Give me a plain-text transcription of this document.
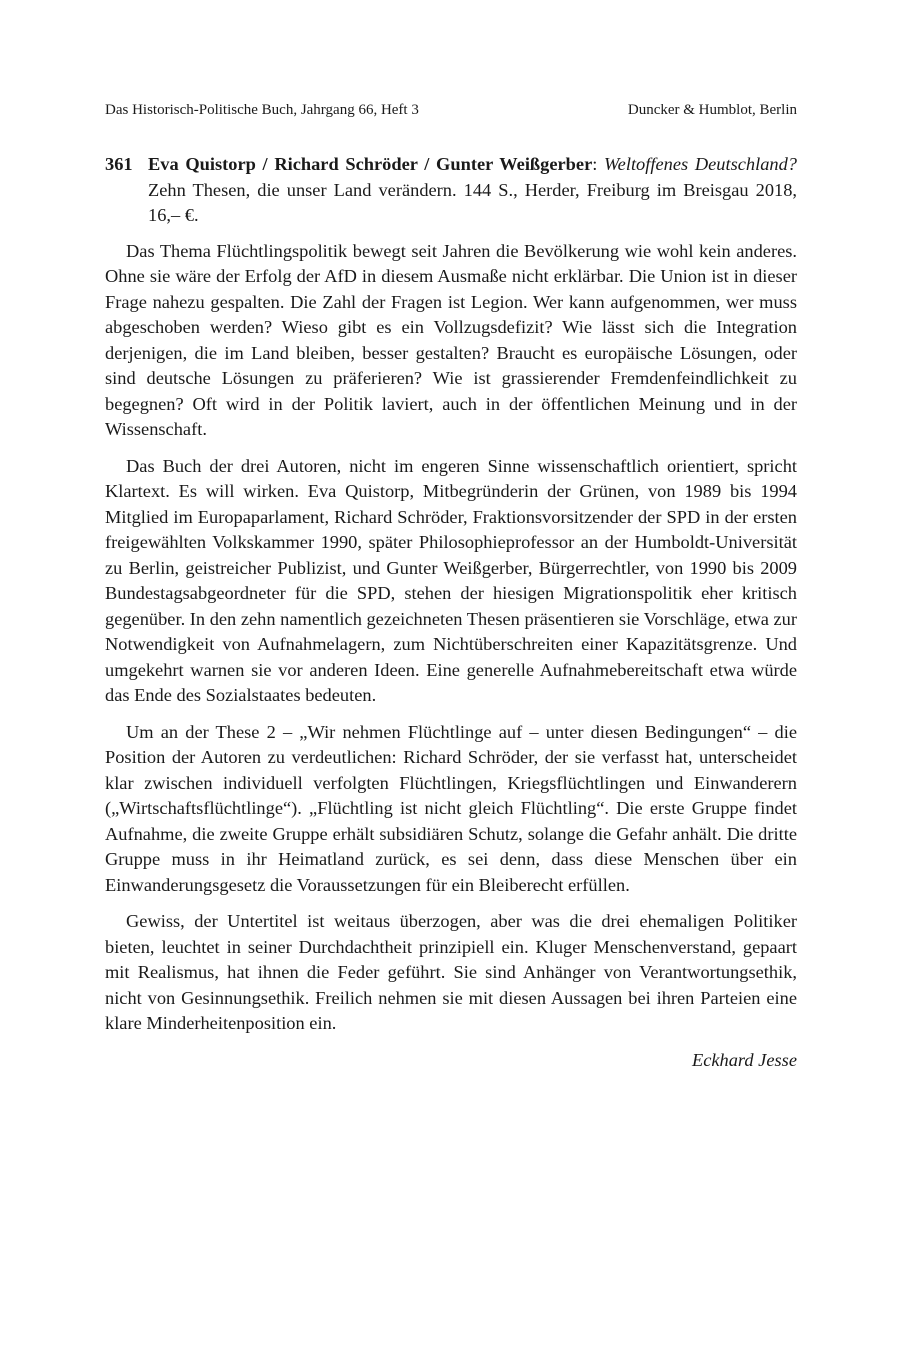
Das Historisch-Politische Buch, Jahrgang 66, Heft 3	Duncker & Humblot, Berlin
361 Eva Quistorp / Richard Schröder / Gunter Weißgerber: Weltoffenes Deutschland? Zehn Thesen, die unser Land verändern. 144 S., Herder, Freiburg im Breisgau 2018, 16,– €.

Das Thema Flüchtlingspolitik bewegt seit Jahren die Bevölkerung wie wohl kein anderes. Ohne sie wäre der Erfolg der AfD in diesem Ausmaße nicht erklärbar. Die Union ist in dieser Frage nahezu gespalten. Die Zahl der Fragen ist Legion. Wer kann aufgenommen, wer muss abgeschoben werden? Wieso gibt es ein Vollzugsdefizit? Wie lässt sich die Integration derjenigen, die im Land bleiben, besser gestalten? Braucht es europäische Lösungen, oder sind deutsche Lösungen zu präferieren? Wie ist grassierender Fremdenfeindlichkeit zu begegnen? Oft wird in der Politik laviert, auch in der öffentlichen Meinung und in der Wissenschaft.

Das Buch der drei Autoren, nicht im engeren Sinne wissenschaftlich orientiert, spricht Klartext. Es will wirken. Eva Quistorp, Mitbegründerin der Grünen, von 1989 bis 1994 Mitglied im Europaparlament, Richard Schröder, Fraktionsvorsitzender der SPD in der ersten freigewählten Volkskammer 1990, später Philosophieprofessor an der Humboldt-Universität zu Berlin, geistreicher Publizist, und Gunter Weißgerber, Bürgerrechtler, von 1990 bis 2009 Bundestagsabgeordneter für die SPD, stehen der hiesigen Migrationspolitik eher kritisch gegenüber. In den zehn namentlich gezeichneten Thesen präsentieren sie Vorschläge, etwa zur Notwendigkeit von Aufnahmelagern, zum Nichtüberschreiten einer Kapazitätsgrenze. Und umgekehrt warnen sie vor anderen Ideen. Eine generelle Aufnahmebereitschaft etwa würde das Ende des Sozialstaates bedeuten.

Um an der These 2 – „Wir nehmen Flüchtlinge auf – unter diesen Bedingungen“ – die Position der Autoren zu verdeutlichen: Richard Schröder, der sie verfasst hat, unterscheidet klar zwischen individuell verfolgten Flüchtlingen, Kriegsflüchtlingen und Einwanderern („Wirtschaftsflüchtlinge“). „Flüchtling ist nicht gleich Flüchtling“. Die erste Gruppe findet Aufnahme, die zweite Gruppe erhält subsidiären Schutz, solange die Gefahr anhält. Die dritte Gruppe muss in ihr Heimatland zurück, es sei denn, dass diese Menschen über ein Einwanderungsgesetz die Voraussetzungen für ein Bleiberecht erfüllen.

Gewiss, der Untertitel ist weitaus überzogen, aber was die drei ehemaligen Politiker bieten, leuchtet in seiner Durchdachtheit prinzipiell ein. Kluger Menschenverstand, gepaart mit Realismus, hat ihnen die Feder geführt. Sie sind Anhänger von Verantwortungsethik, nicht von Gesinnungsethik. Freilich nehmen sie mit diesen Aussagen bei ihren Parteien eine klare Minderheitenposition ein.

Eckhard Jesse
